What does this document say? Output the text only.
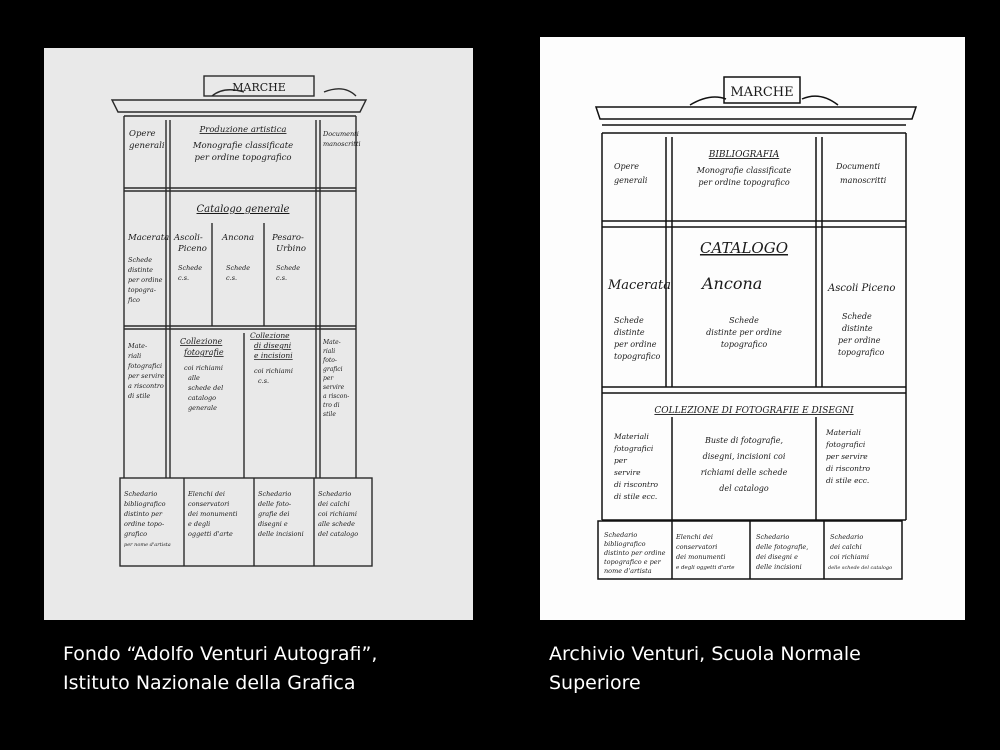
MARCHE
Opere
generali
Produzione artistica
Monografie classificate
per ordine topografico
Documenti
manoscritti
Catalogo generale
Macerata
Schede
distinte
per ordine
topogra-
fico
Ascoli-
Piceno
Schede
c.s.
Ancona
Schede
c.s.
Pesaro-
Urbino
Schede
c.s.
Mate-
riali
fotografici
per servire
a riscontro
di stile
Collezione
fotografie
coi richiami
alle
schede del
catalogo
generale
Collezione
di disegni
e incisioni
coi richiami
c.s.
Mate-
riali
foto-
grafici
per
servire
a riscon-
tro di
stile
Schedario
bibliografico
distinto per
ordine topo-
grafico
per nome d'artista
Elenchi dei
conservatori
dei monumenti
e degli
oggetti d'arte
Schedario
delle foto-
grafie dei
disegni e
delle incisioni
Schedario
dei calchi
coi richiami
alle schede
del catalogo
MARCHE
BIBLIOGRAFIA
Opere
generali
Monografie classificate
per ordine topografico
Documenti
manoscritti
CATALOGO
Macerata
Schede
distinte
per ordine
topografico
Ancona
Schede
distinte per ordine
topografico
Ascoli Piceno
Schede
distinte
per ordine
topografico
COLLEZIONE DI FOTOGRAFIE E DISEGNI
Materiali
fotografici
per
servire
di riscontro
di stile ecc.
Buste di fotografie,
disegni, incisioni coi
richiami delle schede
del catalogo
Materiali
fotografici
per servire
di riscontro
di stile ecc.
Schedario
bibliografico
distinto per ordine
topografico e per
nome d'artista
Elenchi dei
conservatori
dei monumenti
e degli oggetti d'arte
Schedario
delle fotografie,
dei disegni e
delle incisioni
Schedario
dei calchi
coi richiami
delle schede del catalogo
Fondo “Adolfo Venturi Autografi”,
Istituto Nazionale della Grafica
Archivio Venturi, Scuola Normale
Superiore
